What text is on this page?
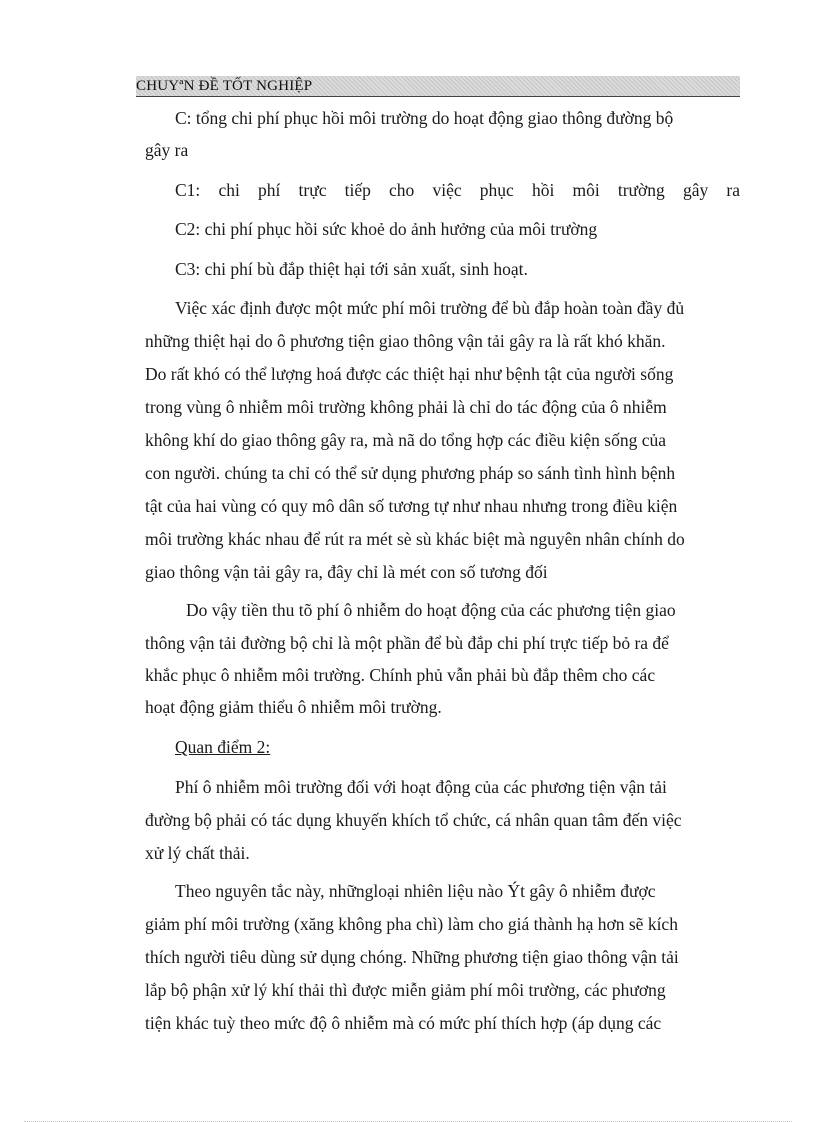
CHUYªN ĐỀ TỐT NGHIỆP
C: tổng chi phí phục hồi môi trường do hoạt động giao thông đường bộ
gây ra
C1: chi phí trực tiếp cho việc phục hồi môi trường gây ra
C2: chi phí phục hồi sức khoẻ do ảnh hưởng của môi trường
C3: chi phí bù đắp thiệt hại tới sản xuất, sinh hoạt.
Việc xác định được một mức phí môi trường để bù đắp hoàn toàn đầy đủ
những thiệt hại do ô phương tiện giao thông vận tải gây ra là rất khó khăn.
Do rất khó có thể lượng hoá được các thiệt hại như bệnh tật của người sống
trong vùng ô nhiễm môi trường không phải là chỉ do tác động của ô nhiễm
không khí do giao thông gây ra, mà nã do tổng hợp các điều kiện sống của
con người. chúng ta chỉ có thể sử dụng phương pháp so sánh tình hình bệnh
tật của hai vùng có quy mô dân số tương tự như nhau nhưng trong điều kiện
môi trường khác nhau để rút ra mét sè sù khác biệt mà nguyên nhân chính do
giao thông vận tải gây ra, đây chỉ là mét con số tương đối
Do vậy tiền thu tõ phí ô nhiễm do hoạt động của các phương tiện giao
thông vận tải đường bộ chỉ là một phần để bù đắp chi phí trực tiếp bỏ ra để
khắc phục ô nhiễm môi trường. Chính phủ vẫn phải bù đắp thêm cho các
hoạt động giảm thiểu ô nhiễm môi trường.
Quan điểm 2:
Phí ô nhiễm môi trường đối với hoạt động của các phương tiện vận tải
đường bộ phải có tác dụng khuyến khích tổ chức, cá nhân quan tâm đến việc
xử lý chất thải.
Theo nguyên tắc này, nhữngloại nhiên liệu nào Ýt gây ô nhiễm được
giảm phí môi trường (xăng không pha chì) làm cho giá thành hạ hơn sẽ kích
thích người tiêu dùng sử dụng chóng. Những phương tiện giao thông vận tải
lắp bộ phận xử lý khí thải thì được miễn giảm phí môi trường, các phương
tiện khác tuỳ theo mức độ ô nhiễm mà có mức phí thích hợp (áp dụng các
